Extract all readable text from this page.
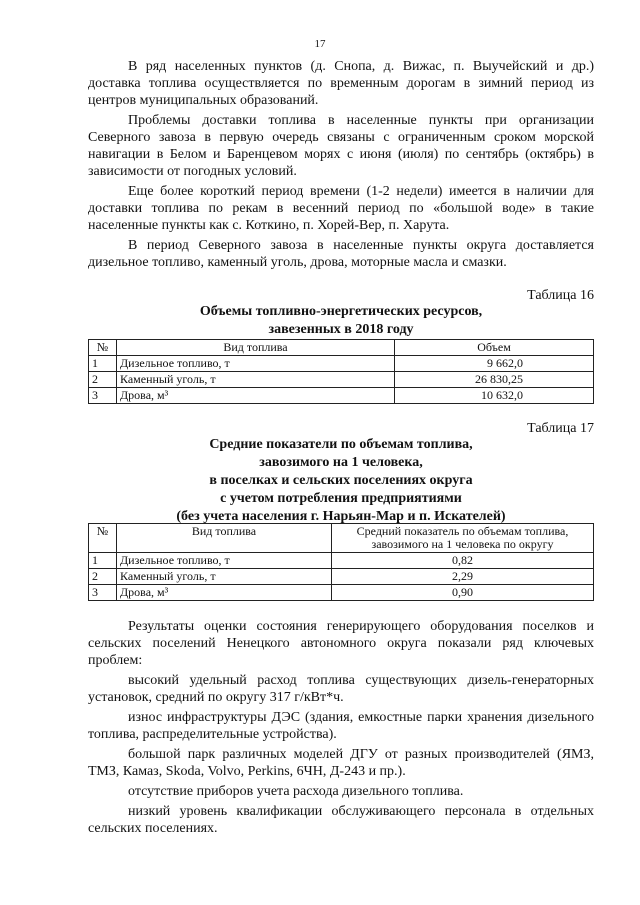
17

В ряд населенных пунктов (д. Снопа, д. Вижас, п. Выучейский и др.) доставка топлива осуществляется по временным дорогам в зимний период из центров муниципальных образований.

Проблемы доставки топлива в населенные пункты при организации Северного завоза в первую очередь связаны с ограниченным сроком морской навигации в Белом и Баренцевом морях с июня (июля) по сентябрь (октябрь) в зависимости от погодных условий.

Еще более короткий период времени (1-2 недели) имеется в наличии для доставки топлива по рекам в весенний период по «большой воде» в такие населенные пункты как с. Коткино, п. Хорей-Вер, п. Харута.

В период Северного завоза в населенные пункты округа доставляется дизельное топливо, каменный уголь, дрова, моторные масла и смазки.

Таблица 16
Объемы топливно-энергетических ресурсов,
завезенных в 2018 году
№	Вид топлива	Объем
1	Дизельное топливо, т	9 662,0
2	Каменный уголь, т	26 830,25
3	Дрова, м³	10 632,0
Таблица 17
Средние показатели по объемам топлива,
завозимого на 1 человека,
в поселках и сельских поселениях округа
с учетом потребления предприятиями
(без учета населения г. Нарьян-Мар и п. Искателей)
№	Вид топлива	Средний показатель по объемам топлива, завозимого на 1 человека по округу
1	Дизельное топливо, т	0,82
2	Каменный уголь, т	2,29
3	Дрова, м³	0,90

Результаты оценки состояния генерирующего оборудования поселков и сельских поселений Ненецкого автономного округа показали ряд ключевых проблем:

высокий удельный расход топлива существующих дизель-генераторных установок, средний по округу 317 г/кВт*ч.

износ инфраструктуры ДЭС (здания, емкостные парки хранения дизельного топлива, распределительные устройства).

большой парк различных моделей ДГУ от разных производителей (ЯМЗ, ТМЗ, Камаз, Skoda, Volvo, Perkins, 6ЧН, Д-243 и пр.).

отсутствие приборов учета расхода дизельного топлива.

низкий уровень квалификации обслуживающего персонала в отдельных сельских поселениях.
